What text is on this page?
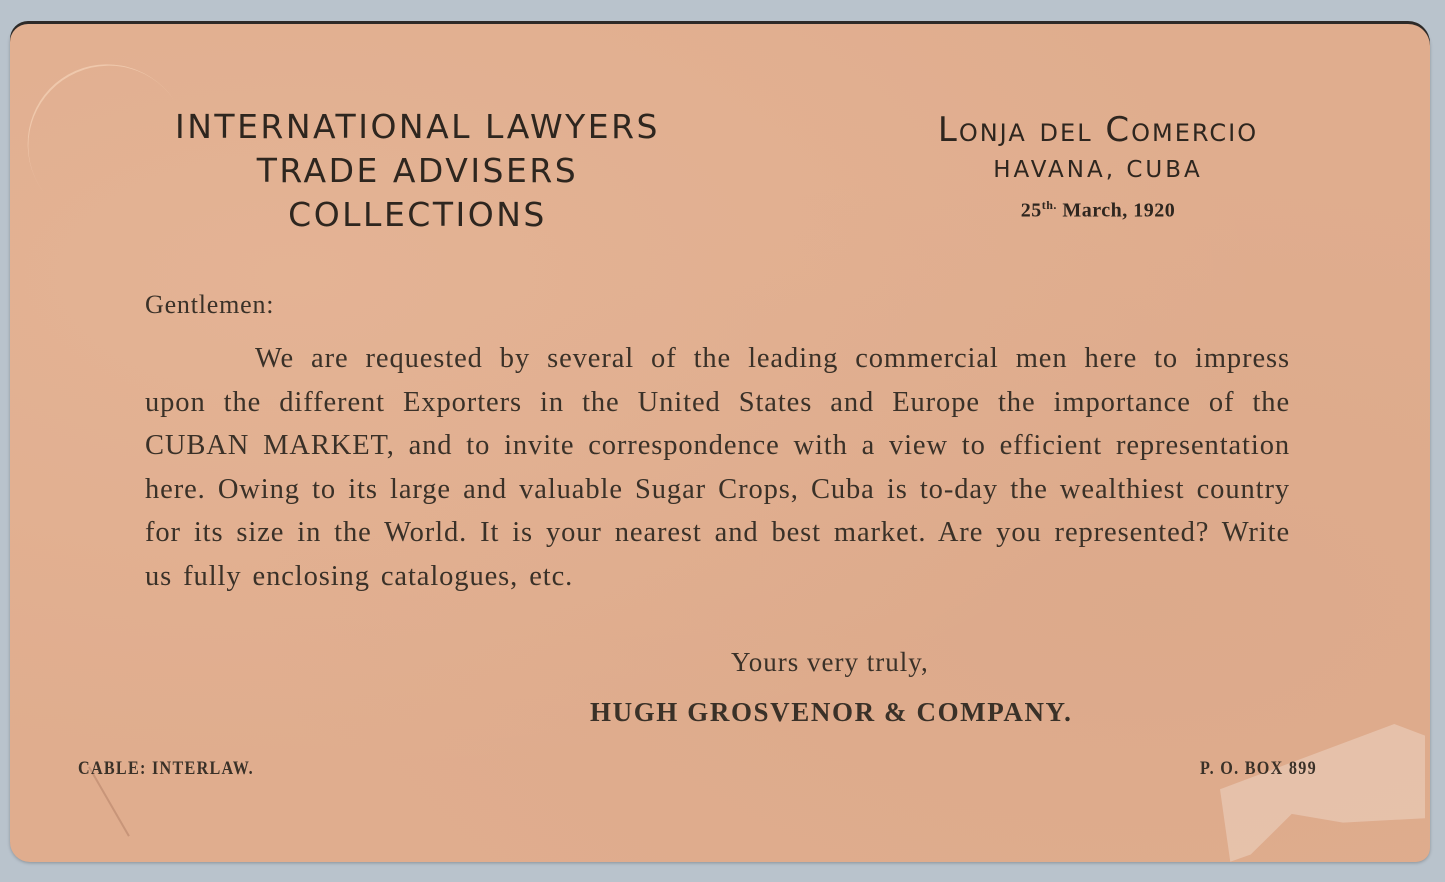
INTERNATIONAL LAWYERS
TRADE ADVISERS
COLLECTIONS
Lonja del Comercio
HAVANA, CUBA
$25^{th.}$ March, 1920
Gentlemen:
We are requested by several of the leading commercial men here to impress upon the different Exporters in the United States and Europe the importance of the CUBAN MARKET, and to invite correspondence with a view to efficient representation here. Owing to its large and valuable Sugar Crops, Cuba is to-day the wealthiest country for its size in the World. It is your nearest and best market. Are you represented? Write us fully enclosing catalogues, etc.
Yours very truly,
HUGH GROSVENOR & COMPANY.
CABLE: INTERLAW.	P. O. BOX 899
